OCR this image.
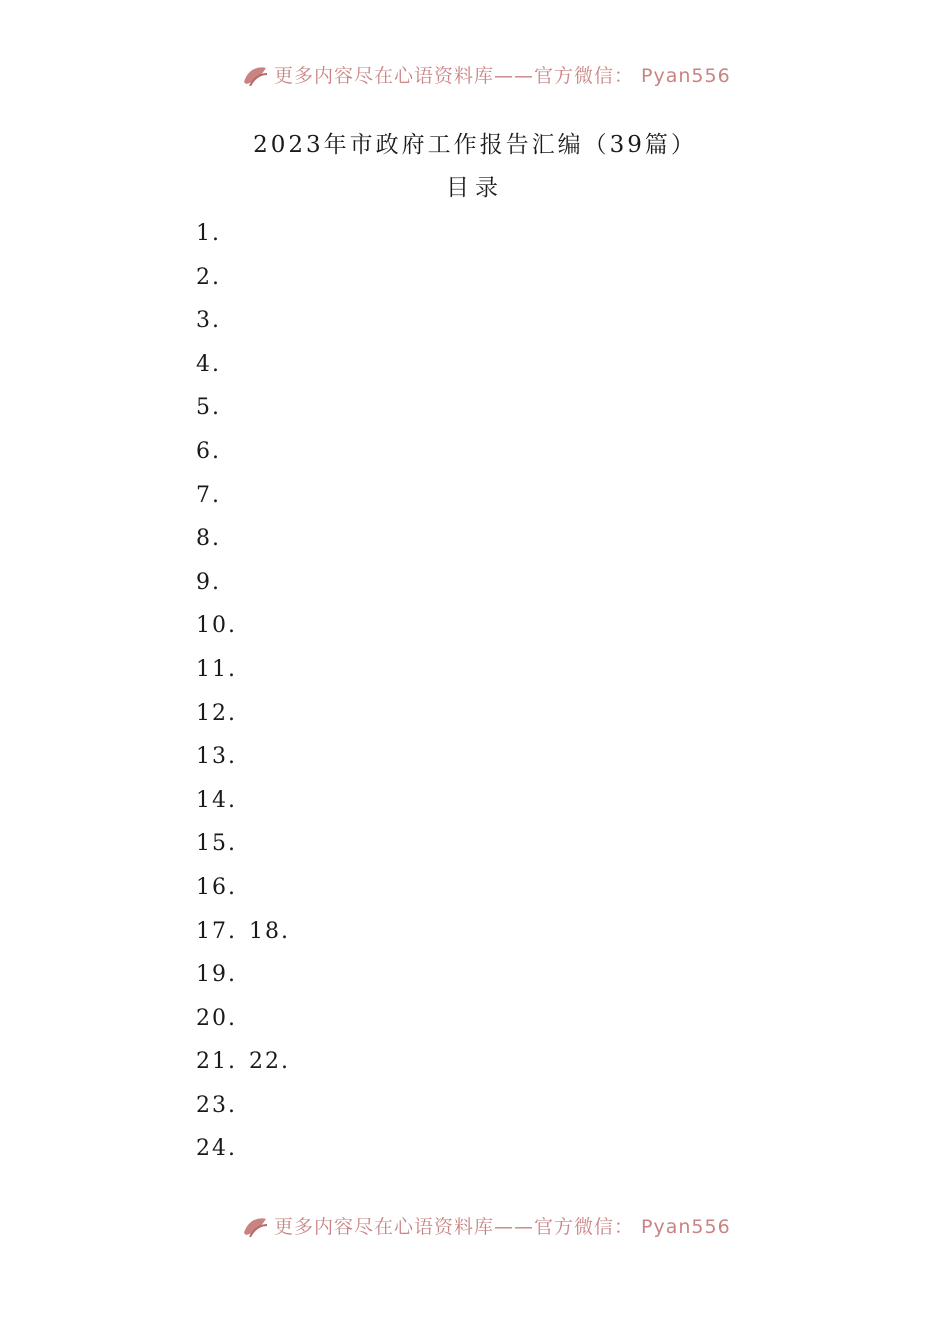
更多内容尽在心语资料库——官方微信： Pyan556
2023年市政府工作报告汇编（39篇）
目录
1.
2.
3.
4.
5.
6.
7.
8.
9.
10.
11.
12.
13.
14.
15.
16.
17. 18.
19.
20.
21. 22.
23.
24.
更多内容尽在心语资料库——官方微信： Pyan556
